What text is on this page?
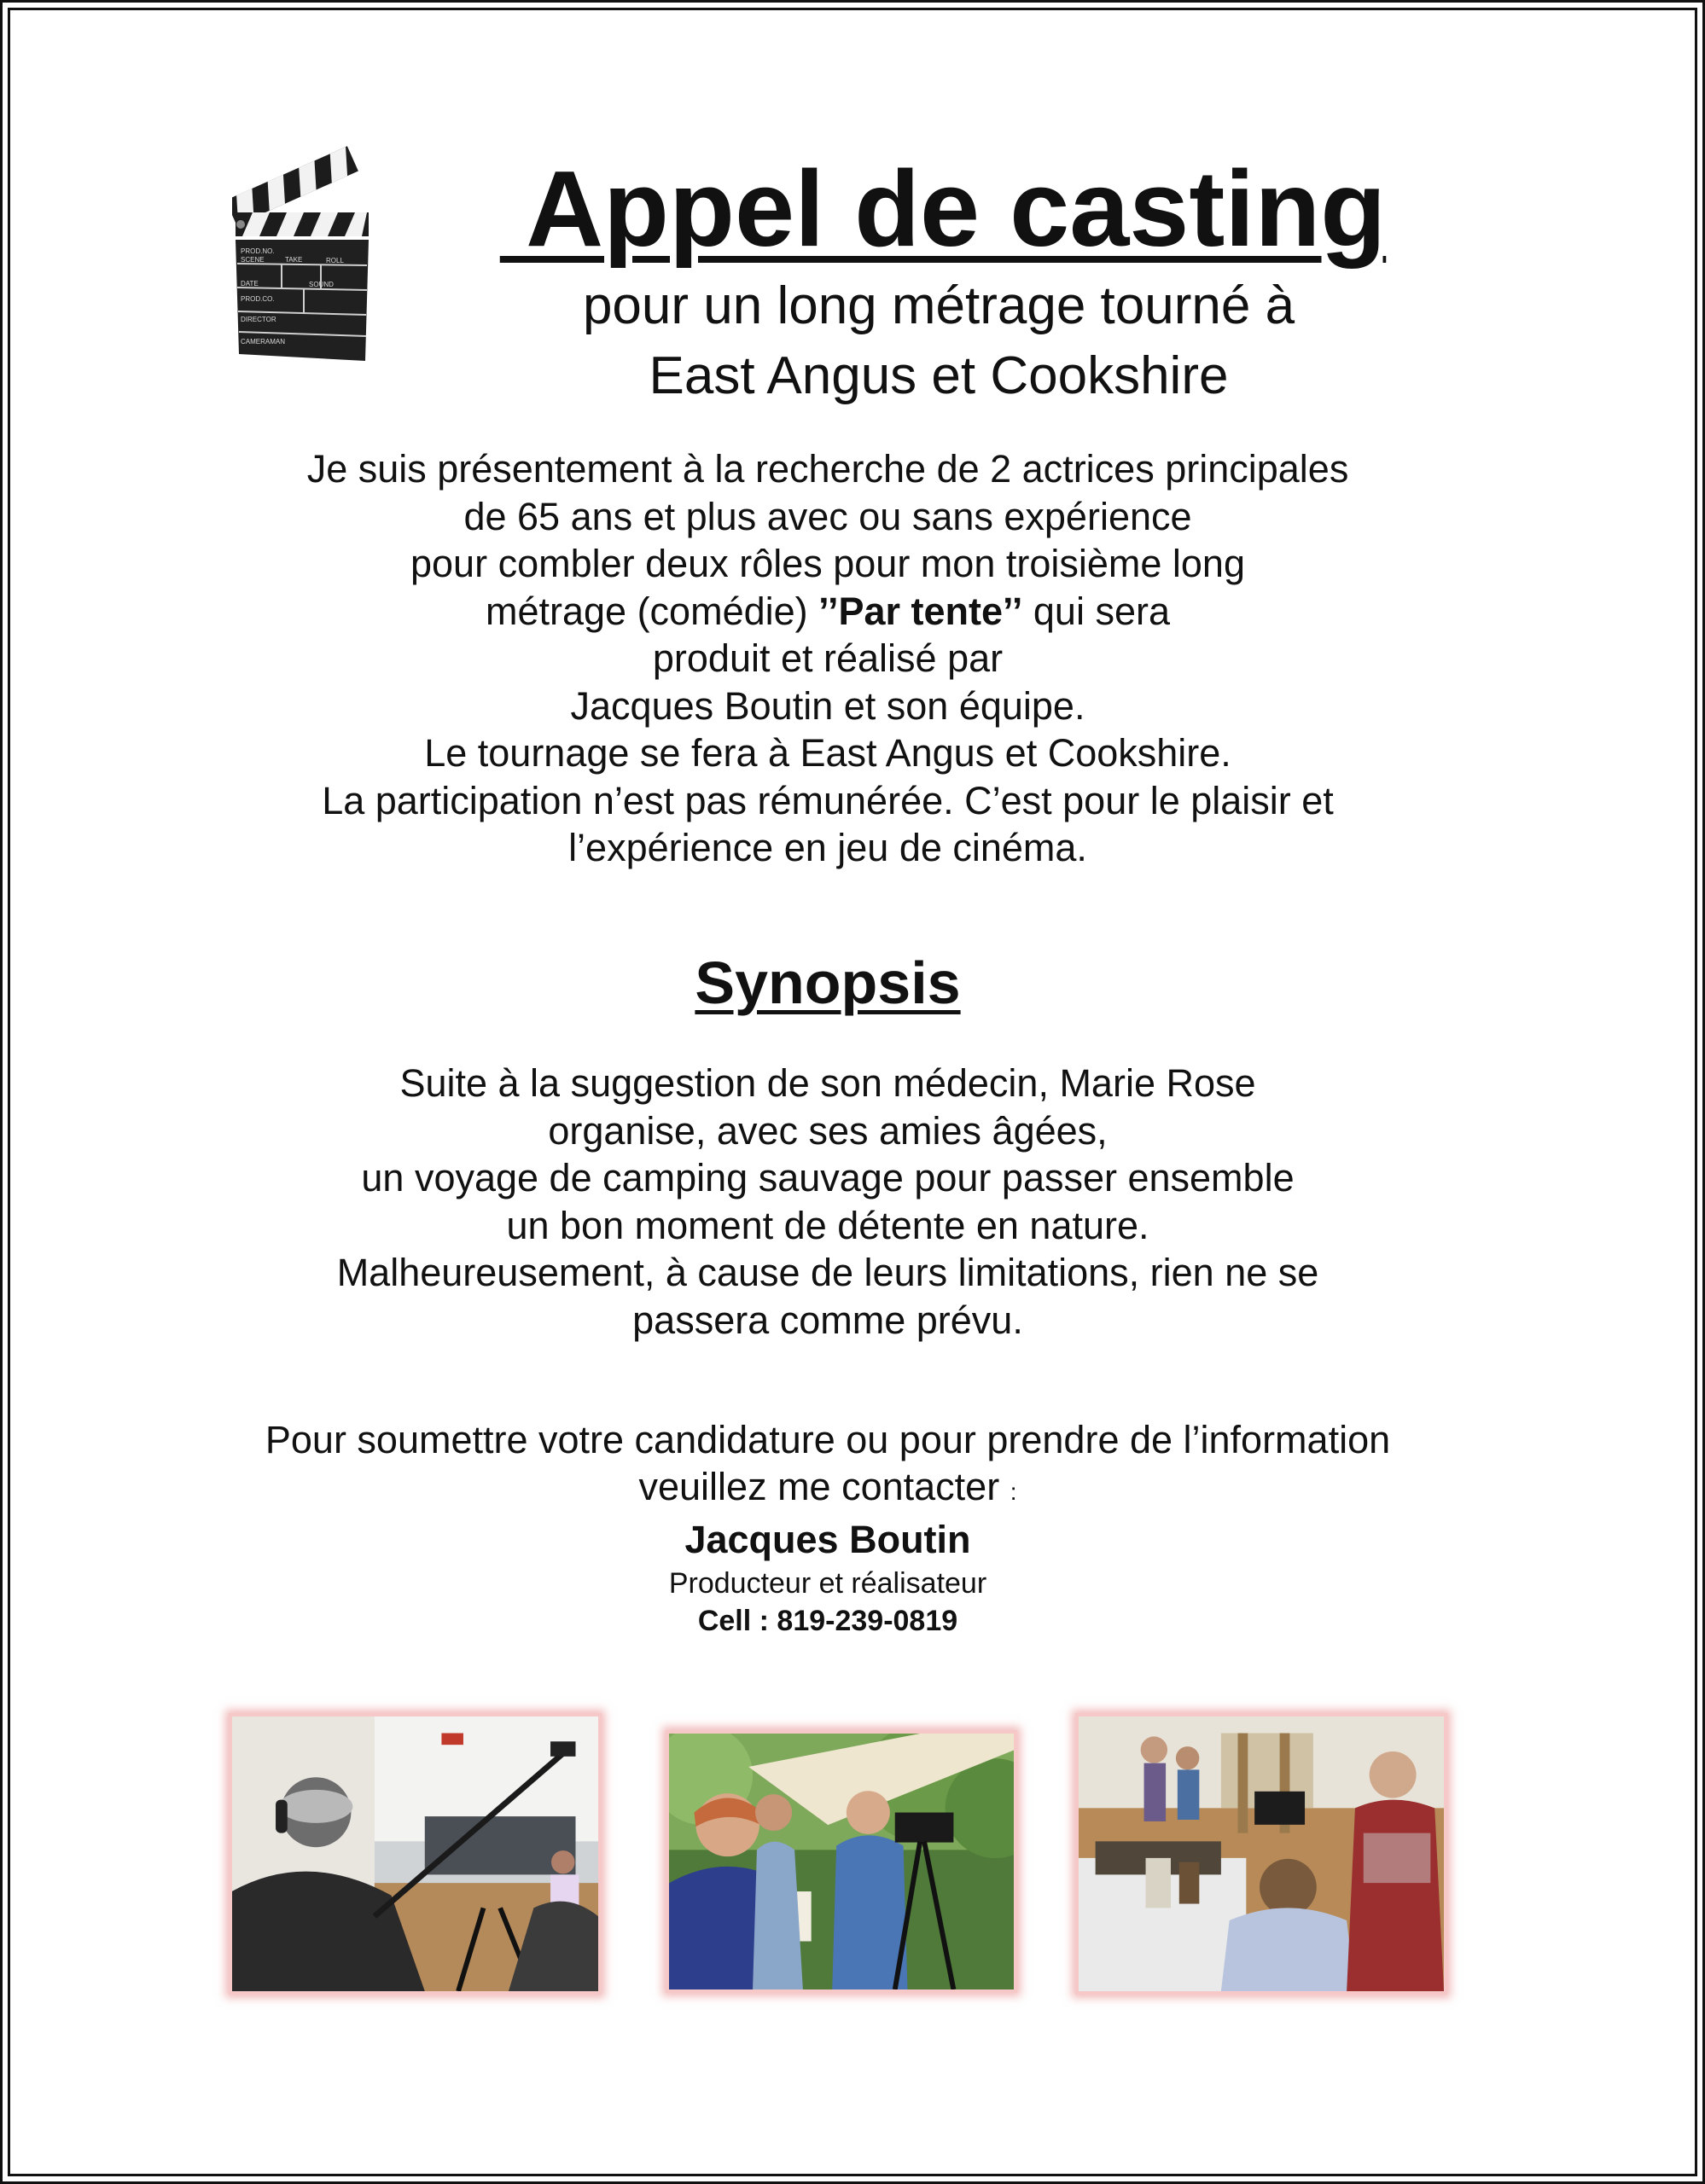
PROD.NO.
SCENE	TAKE	ROLL
DATE	SOUND
PROD.CO.
DIRECTOR
CAMERAMAN
Appel de casting

pour un long métrage tourné à
East Angus et Cookshire

Je suis présentement à la recherche de 2 actrices principales
de 65 ans et plus avec ou sans expérience
pour combler deux rôles pour mon troisième long
métrage (comédie) ’’Par tente’’ qui sera
produit et réalisé par
Jacques Boutin et son équipe.
Le tournage se fera à East Angus et Cookshire.
La participation n’est pas rémunérée. C’est pour le plaisir et
l’expérience en jeu de cinéma.

Synopsis

Suite à la suggestion de son médecin, Marie Rose
organise, avec ses amies âgées,
un voyage de camping sauvage pour passer ensemble
un bon moment de détente en nature.
Malheureusement, à cause de leurs limitations, rien ne se
passera comme prévu.

Pour soumettre votre candidature ou pour prendre de l’information
veuillez me contacter :
Jacques Boutin
Producteur et réalisateur
Cell : 819-239-0819
